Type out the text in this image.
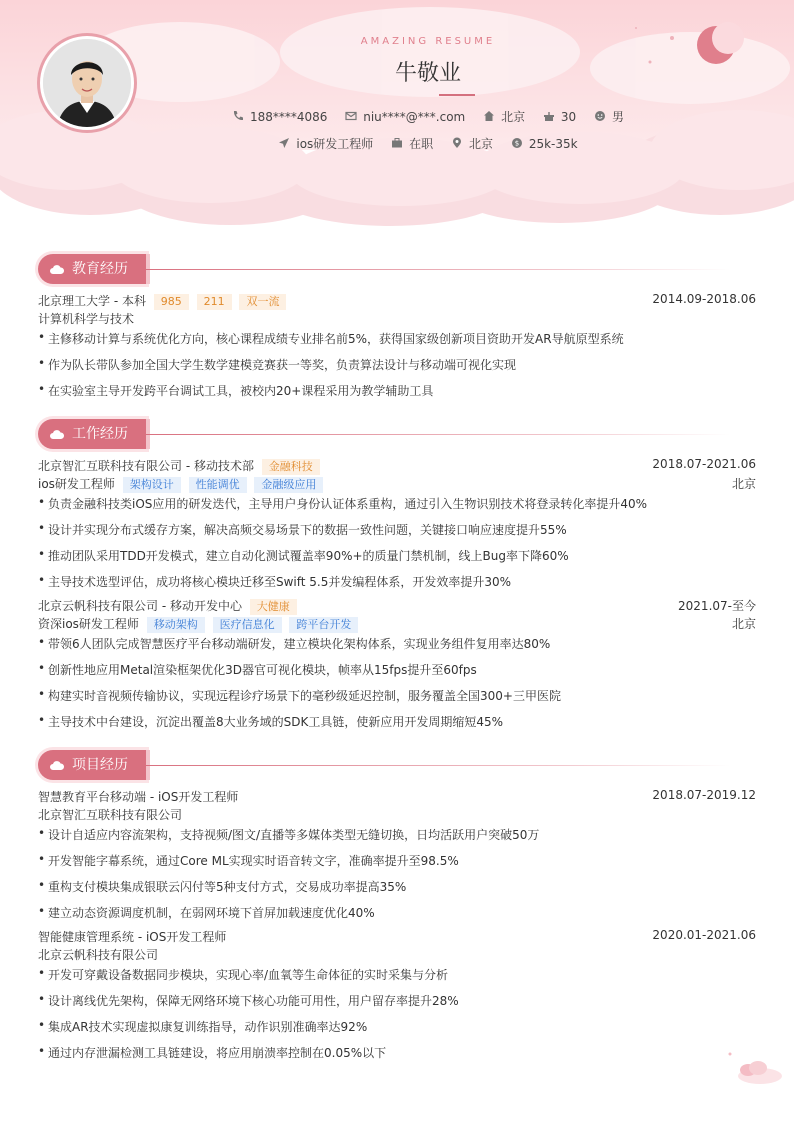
AMAZING RESUME
牛敬业
188****4086	niu****@***.com	北京	30	男
ios研发工程师	在职	北京	$ 25k-35k
教育经历
北京理工大学 - 本科 985 211 双一流	2014.09-2018.06
计算机科学与技术
• 主修移动计算与系统优化方向，核心课程成绩专业排名前5%，获得国家级创新项目资助开发AR导航原型系统
• 作为队长带队参加全国大学生数学建模竞赛获一等奖，负责算法设计与移动端可视化实现
• 在实验室主导开发跨平台调试工具，被校内20+课程采用为教学辅助工具
工作经历
北京智汇互联科技有限公司 - 移动技术部 金融科技	2018.07-2021.06
ios研发工程师 架构设计 性能调优 金融级应用	北京
• 负责金融科技类iOS应用的研发迭代，主导用户身份认证体系重构，通过引入生物识别技术将登录转化率提升40%
• 设计并实现分布式缓存方案，解决高频交易场景下的数据一致性问题，关键接口响应速度提升55%
• 推动团队采用TDD开发模式，建立自动化测试覆盖率90%+的质量门禁机制，线上Bug率下降60%
• 主导技术选型评估，成功将核心模块迁移至Swift 5.5并发编程体系，开发效率提升30%
北京云帆科技有限公司 - 移动开发中心 大健康	2021.07-至今
资深ios研发工程师 移动架构 医疗信息化 跨平台开发	北京
• 带领6人团队完成智慧医疗平台移动端研发，建立模块化架构体系，实现业务组件复用率达80%
• 创新性地应用Metal渲染框架优化3D器官可视化模块，帧率从15fps提升至60fps
• 构建实时音视频传输协议，实现远程诊疗场景下的毫秒级延迟控制，服务覆盖全国300+三甲医院
• 主导技术中台建设，沉淀出覆盖8大业务域的SDK工具链，使新应用开发周期缩短45%
项目经历
智慧教育平台移动端 - iOS开发工程师	2018.07-2019.12
北京智汇互联科技有限公司
• 设计自适应内容流架构，支持视频/图文/直播等多媒体类型无缝切换，日均活跃用户突破50万
• 开发智能字幕系统，通过Core ML实现实时语音转文字，准确率提升至98.5%
• 重构支付模块集成银联云闪付等5种支付方式，交易成功率提高35%
• 建立动态资源调度机制，在弱网环境下首屏加载速度优化40%
智能健康管理系统 - iOS开发工程师	2020.01-2021.06
北京云帆科技有限公司
• 开发可穿戴设备数据同步模块，实现心率/血氧等生命体征的实时采集与分析
• 设计离线优先架构，保障无网络环境下核心功能可用性，用户留存率提升28%
• 集成AR技术实现虚拟康复训练指导，动作识别准确率达92%
• 通过内存泄漏检测工具链建设，将应用崩溃率控制在0.05%以下
